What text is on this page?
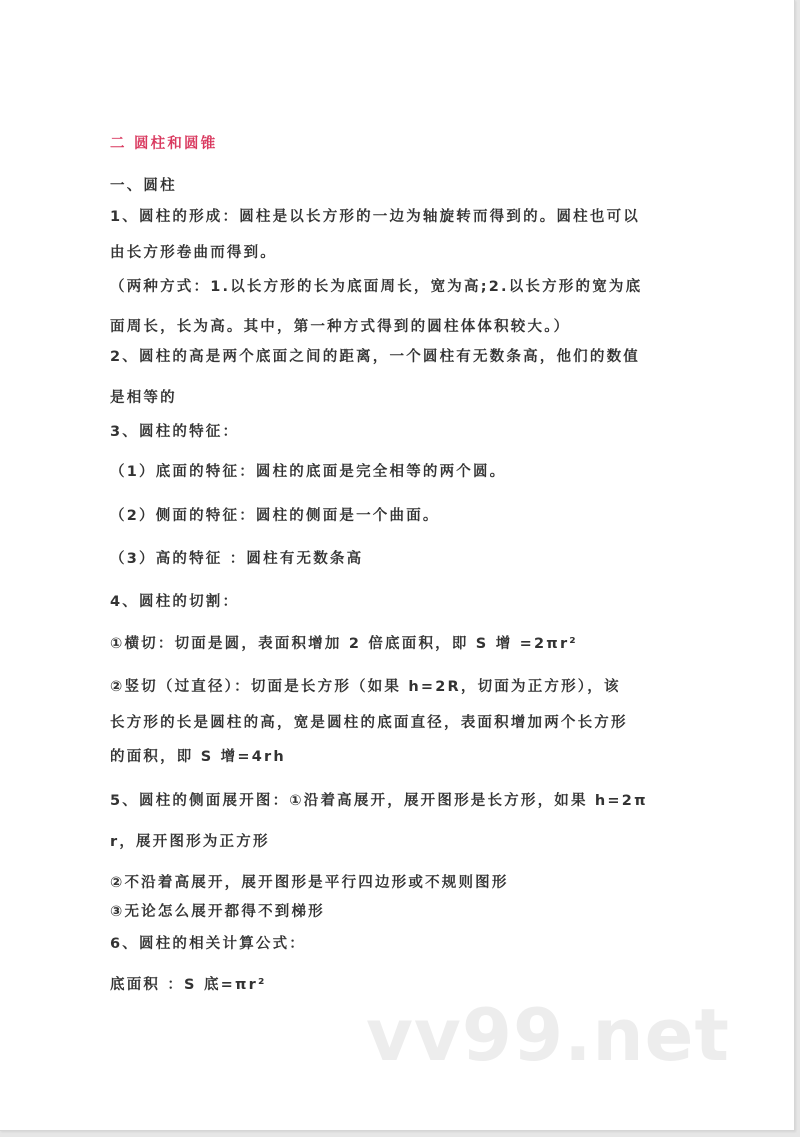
二 圆柱和圆锥
一、圆柱
1、圆柱的形成：圆柱是以长方形的一边为轴旋转而得到的。圆柱也可以
由长方形卷曲而得到。
（两种方式：1.以长方形的长为底面周长，宽为高;2.以长方形的宽为底
面周长，长为高。其中，第一种方式得到的圆柱体体积较大。）
2、圆柱的高是两个底面之间的距离，一个圆柱有无数条高，他们的数值
是相等的
3、圆柱的特征：
（1）底面的特征：圆柱的底面是完全相等的两个圆。
（2）侧面的特征：圆柱的侧面是一个曲面。
（3）高的特征 ：圆柱有无数条高
4、圆柱的切割：
①横切：切面是圆，表面积增加 2 倍底面积，即 S 增 =2πr²
②竖切（过直径）：切面是长方形（如果 h=2R，切面为正方形），该
长方形的长是圆柱的高，宽是圆柱的底面直径，表面积增加两个长方形
的面积，即 S 增=4rh
5、圆柱的侧面展开图：①沿着高展开，展开图形是长方形，如果 h=2π
r，展开图形为正方形
②不沿着高展开，展开图形是平行四边形或不规则图形
③无论怎么展开都得不到梯形
6、圆柱的相关计算公式：
底面积 ：S 底=πr²
vv99.net
